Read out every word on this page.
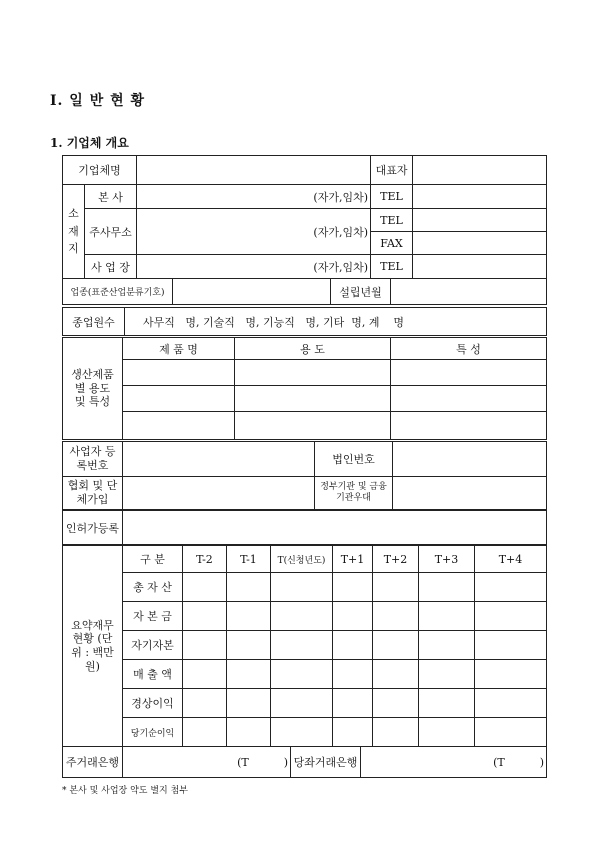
Ⅰ. 일 반 현 황
1. 기업체 개요
기업체명			대표자	
소재지	본 사	(자가,임차)	TEL	
	주사무소	(자가,임차)	TEL	
			FAX	
	사 업 장	(자가,임차)	TEL	
업종(표준산업분류기호)		설립년월	
종업원수	사무직   명, 기술직   명, 기능직   명, 기타  명, 계    명
생산제품 별 용도 및 특성	제 품 명	용 도	특 성

사업자 등록번호		법인번호	
협회 및 단체가입		정부기관 및 금융기관우대	
인허가등록	
요약재무 현황 (단위 : 백만원)	구 분	T-2	T-1	T(신청년도)	T+1	T+2	T+3	T+4
	총 자 산							
	자 본 금							
	자기자본							
	매 출 액							
	경상이익							
	당기순이익							
주거래은행	(T          )	당좌거래은행	(T          )
* 본사 및 사업장 약도 별지 첨부
